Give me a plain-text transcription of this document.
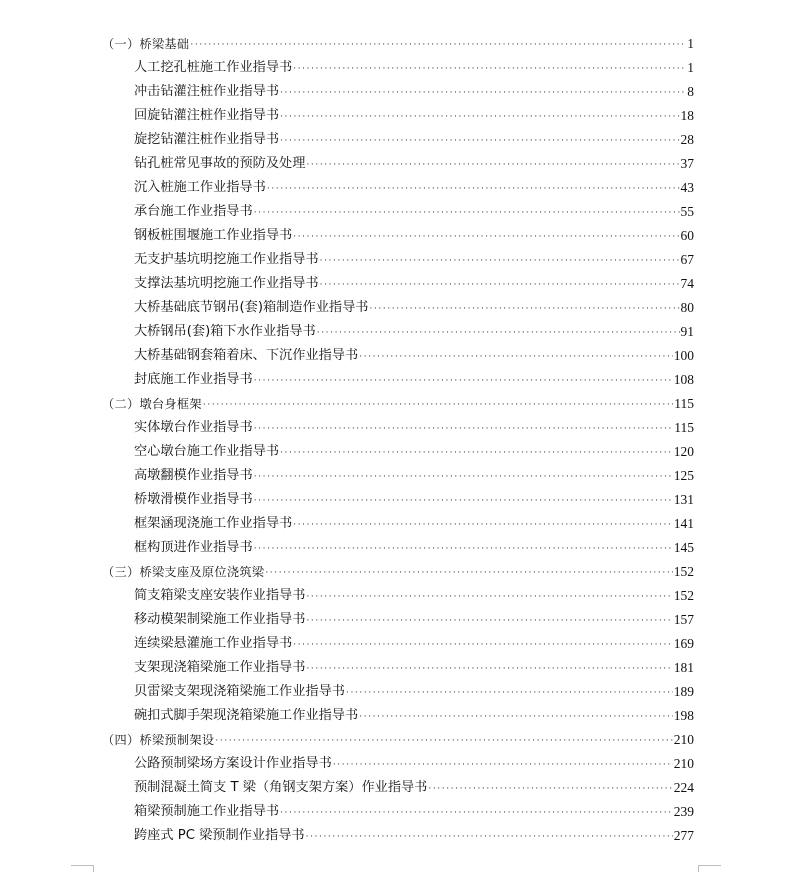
（一）桥梁基础 ·····	1
人工挖孔桩施工作业指导书 ·····	1
冲击钻灌注桩作业指导书 ·····	8
回旋钻灌注桩作业指导书 ·····	18
旋挖钻灌注桩作业指导书 ·····	28
钻孔桩常见事故的预防及处理 ·····	37
沉入桩施工作业指导书 ·····	43
承台施工作业指导书 ·····	55
钢板桩围堰施工作业指导书 ·····	60
无支护基坑明挖施工作业指导书 ·····	67
支撑法基坑明挖施工作业指导书 ·····	74
大桥基础底节钢吊(套)箱制造作业指导书 ·····	80
大桥钢吊(套)箱下水作业指导书 ·····	91
大桥基础钢套箱着床、下沉作业指导书 ·····	100
封底施工作业指导书 ·····	108
（二）墩台身框架 ·····	115
实体墩台作业指导书 ·····	115
空心墩台施工作业指导书 ·····	120
高墩翻模作业指导书 ·····	125
桥墩滑模作业指导书 ·····	131
框架涵现浇施工作业指导书 ·····	141
框构顶进作业指导书 ·····	145
（三）桥梁支座及原位浇筑梁 ·····	152
简支箱梁支座安装作业指导书 ·····	152
移动模架制梁施工作业指导书 ·····	157
连续梁悬灌施工作业指导书 ·····	169
支架现浇箱梁施工作业指导书 ·····	181
贝雷梁支架现浇箱梁施工作业指导书 ·····	189
碗扣式脚手架现浇箱梁施工作业指导书 ·····	198
（四）桥梁预制架设 ·····	210
公路预制梁场方案设计作业指导书 ·····	210
预制混凝土简支 T 梁（角钢支架方案）作业指导书 ·····	224
箱梁预制施工作业指导书 ·····	239
跨座式 PC 梁预制作业指导书 ·····	277
